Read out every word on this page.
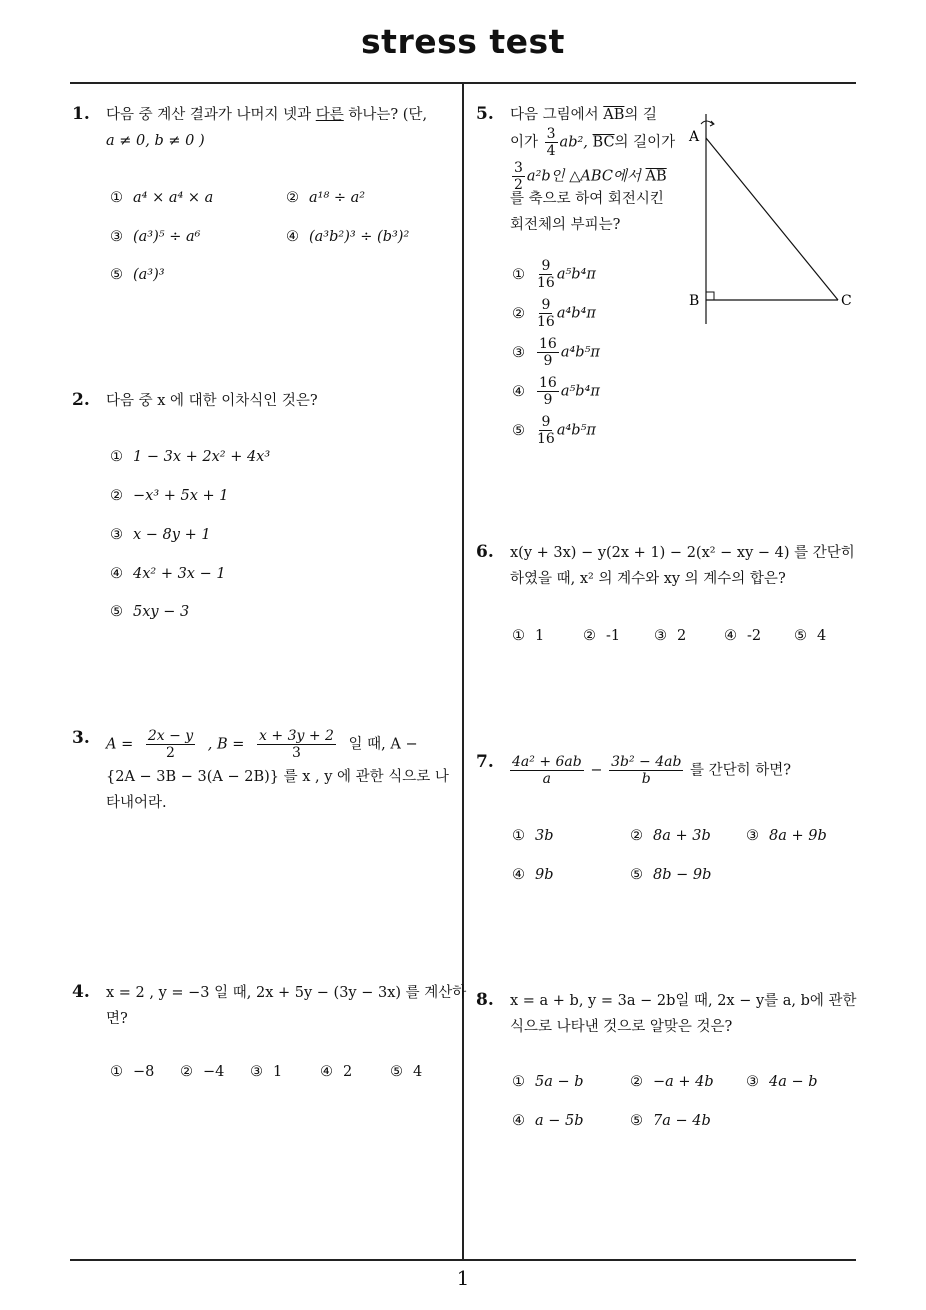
stress test
1
1. 다음 중 계산 결과가 나머지 넷과 다른 하나는? (단,
a ≠ 0, b ≠ 0 )
① a⁴ × a⁴ × a	② a¹⁸ ÷ a²
③ (a³)⁵ ÷ a⁶	④ (a³b²)³ ÷ (b³)²
⑤ (a³)³
2. 다음 중 x 에 대한 이차식인 것은?
① 1 − 3x + 2x² + 4x³
② −x³ + 5x + 1
③ x − 8y + 1
④ 4x² + 3x − 1
⑤ 5xy − 3
3. $A = \frac{2x - y}{2}$ , $B = \frac{x + 3y + 2}{3}$ 일 때, A −
{2A − 3B − 3(A − 2B)} 를 x , y 에 관한 식으로 나
타내어라.
4. x = 2 , y = −3 일 때, 2x + 5y − (3y − 3x) 를 계산하
면?
① −8 ② −4 ③ 1	④ 2	⑤ 4
5. 다음 그림에서 $\overline{AB}$의 길
이가 $\frac{3}{4} ab^2$, $\overline{BC}$의 길이가
$\frac{3}{2} a^2b$인 △ABC에서 $\overline{AB}$
를 축으로 하여 회전시킨
회전체의 부피는?
① $\frac{9}{16} a^5b^4\pi$
② $\frac{9}{16} a^4b^4\pi$
③ $\frac{16}{9} a^4b^5\pi$
④ $\frac{16}{9} a^5b^4\pi$
⑤ $\frac{9}{16} a^4b^5\pi$
A
B	C
6. x(y + 3x) − y(2x + 1) − 2(x² − xy − 4) 를 간단히
하였을 때, x² 의 계수와 xy 의 계수의 합은?
① 1	② -1 ③ 2	④ -2 ⑤ 4
7. $\frac{\text{4a² + 6ab}}{a} - \frac{\text{3b² − 4ab}}{b}$ 를 간단히 하면?
① 3b	② 8a + 3b ③ 8a + 9b
④ 9b	⑤ 8b − 9b
8. x = a + b, y = 3a − 2b일 때, 2x − y를 a, b에 관한
식으로 나타낸 것으로 알맞은 것은?
① 5a − b	② −a + 4b ③ 4a − b
④ a − 5b	⑤ 7a − 4b
